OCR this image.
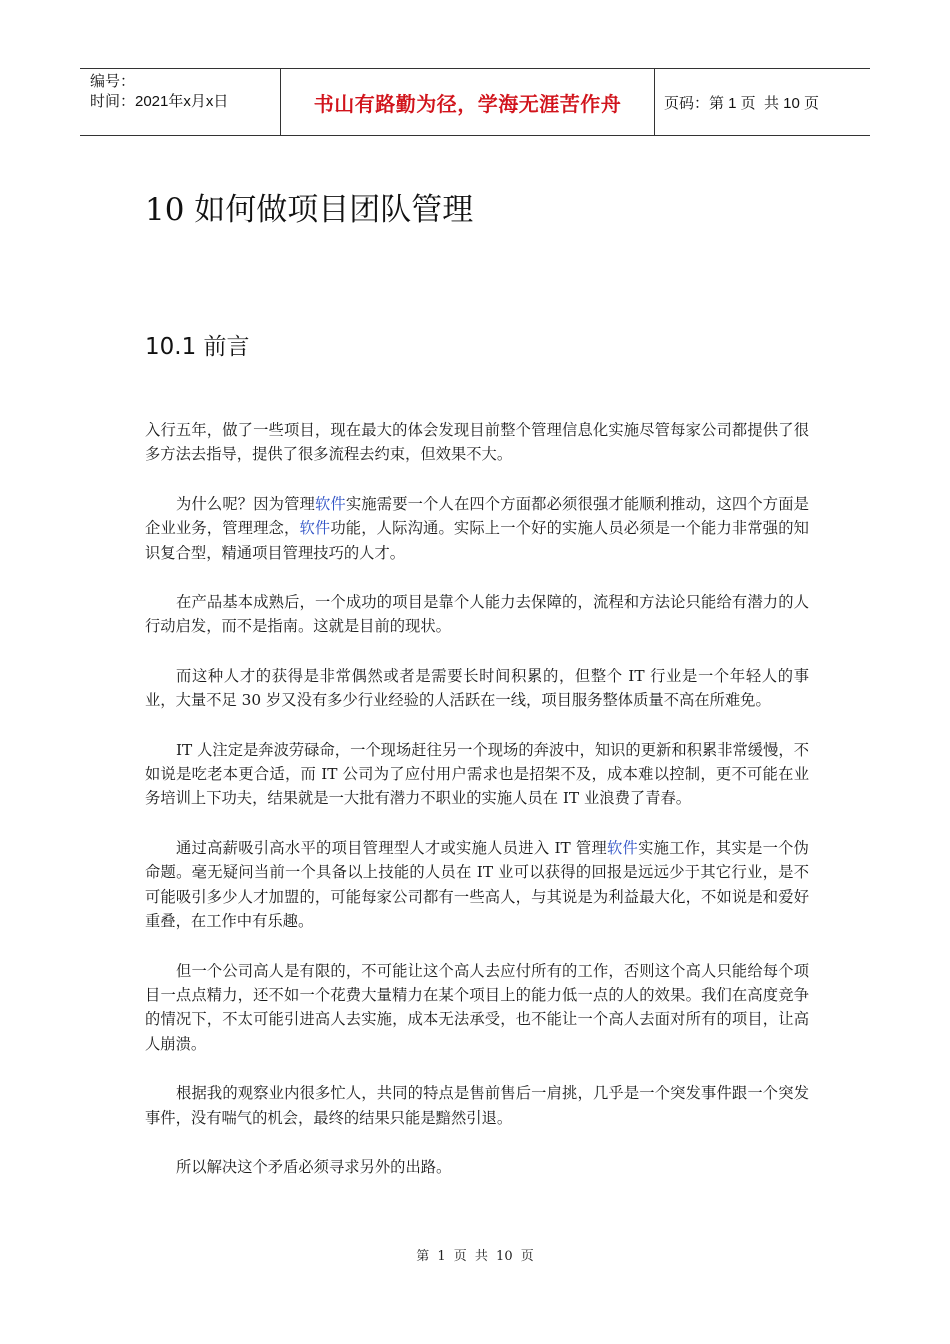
编号：
时间：2021年x月x日	书山有路勤为径，学海无涯苦作舟	页码：第 1 页  共 10 页
10 如何做项目团队管理
10.1 前言

入行五年，做了一些项目，现在最大的体会发现目前整个管理信息化实施尽管每家公司都提供了很多方法去指导，提供了很多流程去约束，但效果不大。

为什么呢？因为管理软件实施需要一个人在四个方面都必须很强才能顺利推动，这四个方面是企业业务，管理理念，软件功能，人际沟通。实际上一个好的实施人员必须是一个能力非常强的知识复合型，精通项目管理技巧的人才。

在产品基本成熟后，一个成功的项目是靠个人能力去保障的，流程和方法论只能给有潜力的人行动启发，而不是指南。这就是目前的现状。

而这种人才的获得是非常偶然或者是需要长时间积累的，但整个 IT 行业是一个年轻人的事业，大量不足 30 岁又没有多少行业经验的人活跃在一线，项目服务整体质量不高在所难免。

IT 人注定是奔波劳碌命，一个现场赶往另一个现场的奔波中，知识的更新和积累非常缓慢，不如说是吃老本更合适，而 IT 公司为了应付用户需求也是招架不及，成本难以控制，更不可能在业务培训上下功夫，结果就是一大批有潜力不职业的实施人员在 IT 业浪费了青春。

通过高薪吸引高水平的项目管理型人才或实施人员进入 IT 管理软件实施工作，其实是一个伪命题。毫无疑问当前一个具备以上技能的人员在 IT 业可以获得的回报是远远少于其它行业，是不可能吸引多少人才加盟的，可能每家公司都有一些高人，与其说是为利益最大化，不如说是和爱好重叠，在工作中有乐趣。

但一个公司高人是有限的，不可能让这个高人去应付所有的工作，否则这个高人只能给每个项目一点点精力，还不如一个花费大量精力在某个项目上的能力低一点的人的效果。我们在高度竞争的情况下，不太可能引进高人去实施，成本无法承受，也不能让一个高人去面对所有的项目，让高人崩溃。

根据我的观察业内很多忙人，共同的特点是售前售后一肩挑，几乎是一个突发事件跟一个突发事件，没有喘气的机会，最终的结果只能是黯然引退。

所以解决这个矛盾必须寻求另外的出路。

第 1 页 共 10 页
